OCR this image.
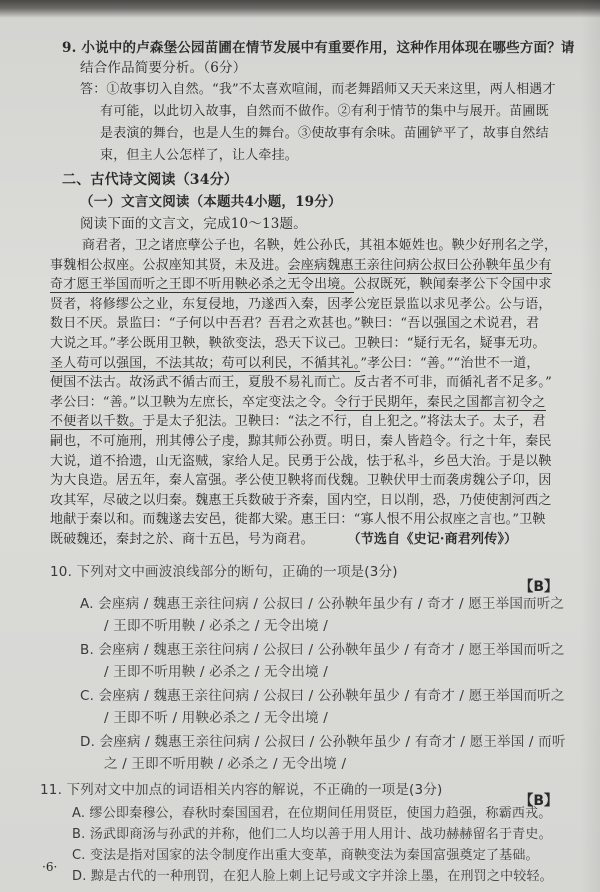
9. 小说中的卢森堡公园苗圃在情节发展中有重要作用，这种作用体现在哪些方面？请
结合作品简要分析。（6分）
答：①故事切入自然。“我”不太喜欢喧闹，而老舞蹈师又天天来这里，两人相遇才
有可能，以此切入故事，自然而不做作。②有利于情节的集中与展开。苗圃既
是表演的舞台，也是人生的舞台。③使故事有余味。苗圃铲平了，故事自然结
束，但主人公怎样了，让人牵挂。
二、古代诗文阅读（34分）
（一）文言文阅读（本题共4小题，19分）
阅读下面的文言文，完成10～13题。
商君者，卫之诸庶孽公子也，名鞅，姓公孙氏，其祖本姬姓也。鞅少好刑名之学，
事魏相公叔座。公叔座知其贤，未及进。会座病魏惠王亲往问病公叔曰公孙鞅年虽少有
奇才愿王举国而听之王即不听用鞅必杀之无令出境。公叔既死，鞅闻秦孝公下令国中求
贤者，将修缪公之业，东复侵地，乃遂西入秦，因孝公宠臣景监以求见孝公。公与语，
数日不厌。景监曰：“子何以中吾君？吾君之欢甚也。”鞅曰：“吾以强国之术说君，君
大说之耳。”孝公既用卫鞅，鞅欲变法，恐天下议己。卫鞅曰：“疑行无名，疑事无功。
圣人苟可以强国，不法其故；苟可以利民，不循其礼。”孝公曰：“善。”“治世不一道，
便国不法古。故汤武不循古而王，夏殷不易礼而亡。反古者不可非，而循礼者不足多。”
孝公曰：“善。”以卫鞅为左庶长，卒定变法之令。令行于民期年，秦民之国都言初令之
不便者以千数。于是太子犯法。卫鞅曰：“法之不行，自上犯之。”将法太子。太子，君
嗣也，不可施刑，刑其傅公子虔，黥其师公孙贾。明日，秦人皆趋令。行之十年，秦民
大说，道不拾遗，山无盗贼，家给人足。民勇于公战，怯于私斗，乡邑大治。于是以鞅
为大良造。居五年，秦人富强。孝公使卫鞅将而伐魏。卫鞅伏甲士而袭虏魏公子卬，因
攻其军，尽破之以归秦。魏惠王兵数破于齐秦，国内空，日以削，恐，乃使使割河西之
地献于秦以和。而魏遂去安邑，徙都大梁。惠王曰：“寡人恨不用公叔座之言也。”卫鞅
既破魏还，秦封之於、商十五邑，号为商君。	（节选自《史记·商君列传》）
10. 下列对文中画波浪线部分的断句，正确的一项是(3分)
【B】
A. 会座病 / 魏惠王亲往问病 / 公叔曰 / 公孙鞅年虽少有 / 奇才 / 愿王举国而听之
/ 王即不听用鞅 / 必杀之 / 无令出境 /
B. 会座病 / 魏惠王亲往问病 / 公叔曰 / 公孙鞅年虽少 / 有奇才 / 愿王举国而听之
/ 王即不听用鞅 / 必杀之 / 无令出境 /
C. 会座病 / 魏惠王亲往问病 / 公叔曰 / 公孙鞅年虽少 / 有奇才 / 愿王举国而听之
/ 王即不听 / 用鞅必杀之 / 无令出境 /
D. 会座病 / 魏惠王亲往问病 / 公叔曰 / 公孙鞅年虽少 / 有奇才 / 愿王举国 / 而听
之 / 王即不听用鞅 / 必杀之 / 无令出境 /
11. 下列对文中加点的词语相关内容的解说，不正确的一项是(3分)
【B】
A. 缪公即秦穆公，春秋时秦国国君，在位期间任用贤臣，使国力趋强，称霸西戎。
B. 汤武即商汤与孙武的并称，他们二人均以善于用人用计、战功赫赫留名于青史。
C. 变法是指对国家的法令制度作出重大变革，商鞅变法为秦国富强奠定了基础。
D. 黥是古代的一种刑罚，在犯人脸上刺上记号或文字并涂上墨，在刑罚之中较轻。
·6·
